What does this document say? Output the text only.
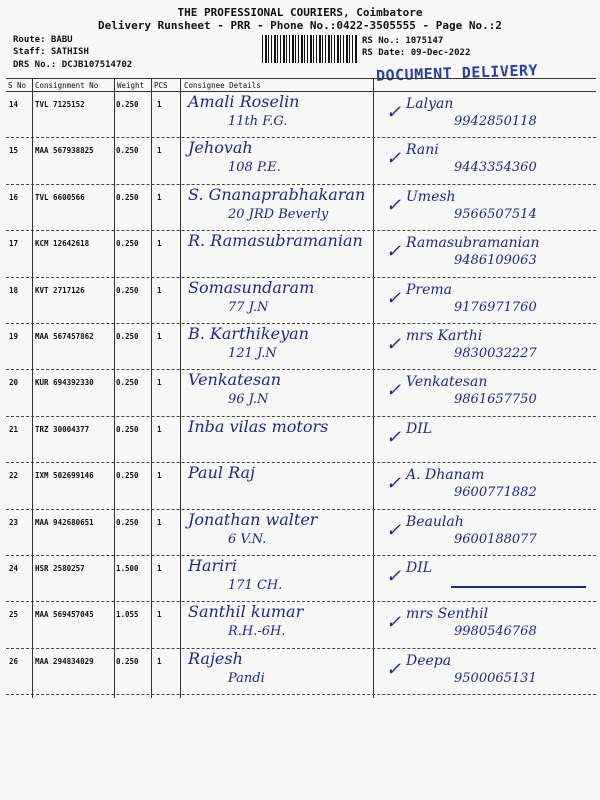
THE PROFESSIONAL COURIERS, Coimbatore
Delivery Runsheet - PRR - Phone No.:0422-3505555 - Page No.:2
Route: BABU
Staff: SATHISH
DRS No.: DCJB107514702
RS No.: 1075147
RS Date: 09-Dec-2022
DOCUMENT DELIVERY
S No Consignment No	Weight PCS Consignee Details
14 TVL 7125152	0.250 1 Amali Roselin
11th F.G.	✓ Lalyan
9942850118
15 MAA 567938825	0.250 1 Jehovah
108 P.E.	✓ Rani
9443354360
16 TVL 6600566	0.250 1 S. Gnanaprabhakaran
20 JRD Beverly	✓ Umesh
9566507514
17 KCM 12642618	0.250 1 R. Ramasubramanian
✓ Ramasubramanian
9486109063
18 KVT 2717126	0.250 1 Somasundaram
77 J.N	✓ Prema
9176971760
19 MAA 567457862	0.250 1 B. Karthikeyan
121 J.N	✓ mrs Karthi
9830032227
20 KUR 694392330	0.250 1 Venkatesan
96 J.N	✓ Venkatesan
9861657750
21 TRZ 30004377	0.250 1 Inba vilas motors
✓ DIL
22 IXM 502699146	0.250 1 Paul Raj
✓ A. Dhanam
9600771882
23 MAA 942680651	0.250 1 Jonathan walter
6 V.N.	✓ Beaulah
9600188077
24 HSR 2580257	1.500 1 Hariri
171 CH.	✓ DIL
25 MAA 569457045	1.055 1 Santhil kumar
R.H.-6H.	✓ mrs Senthil
9980546768
26 MAA 294834029	0.250 1 Rajesh
Pandi	✓ Deepa
9500065131
